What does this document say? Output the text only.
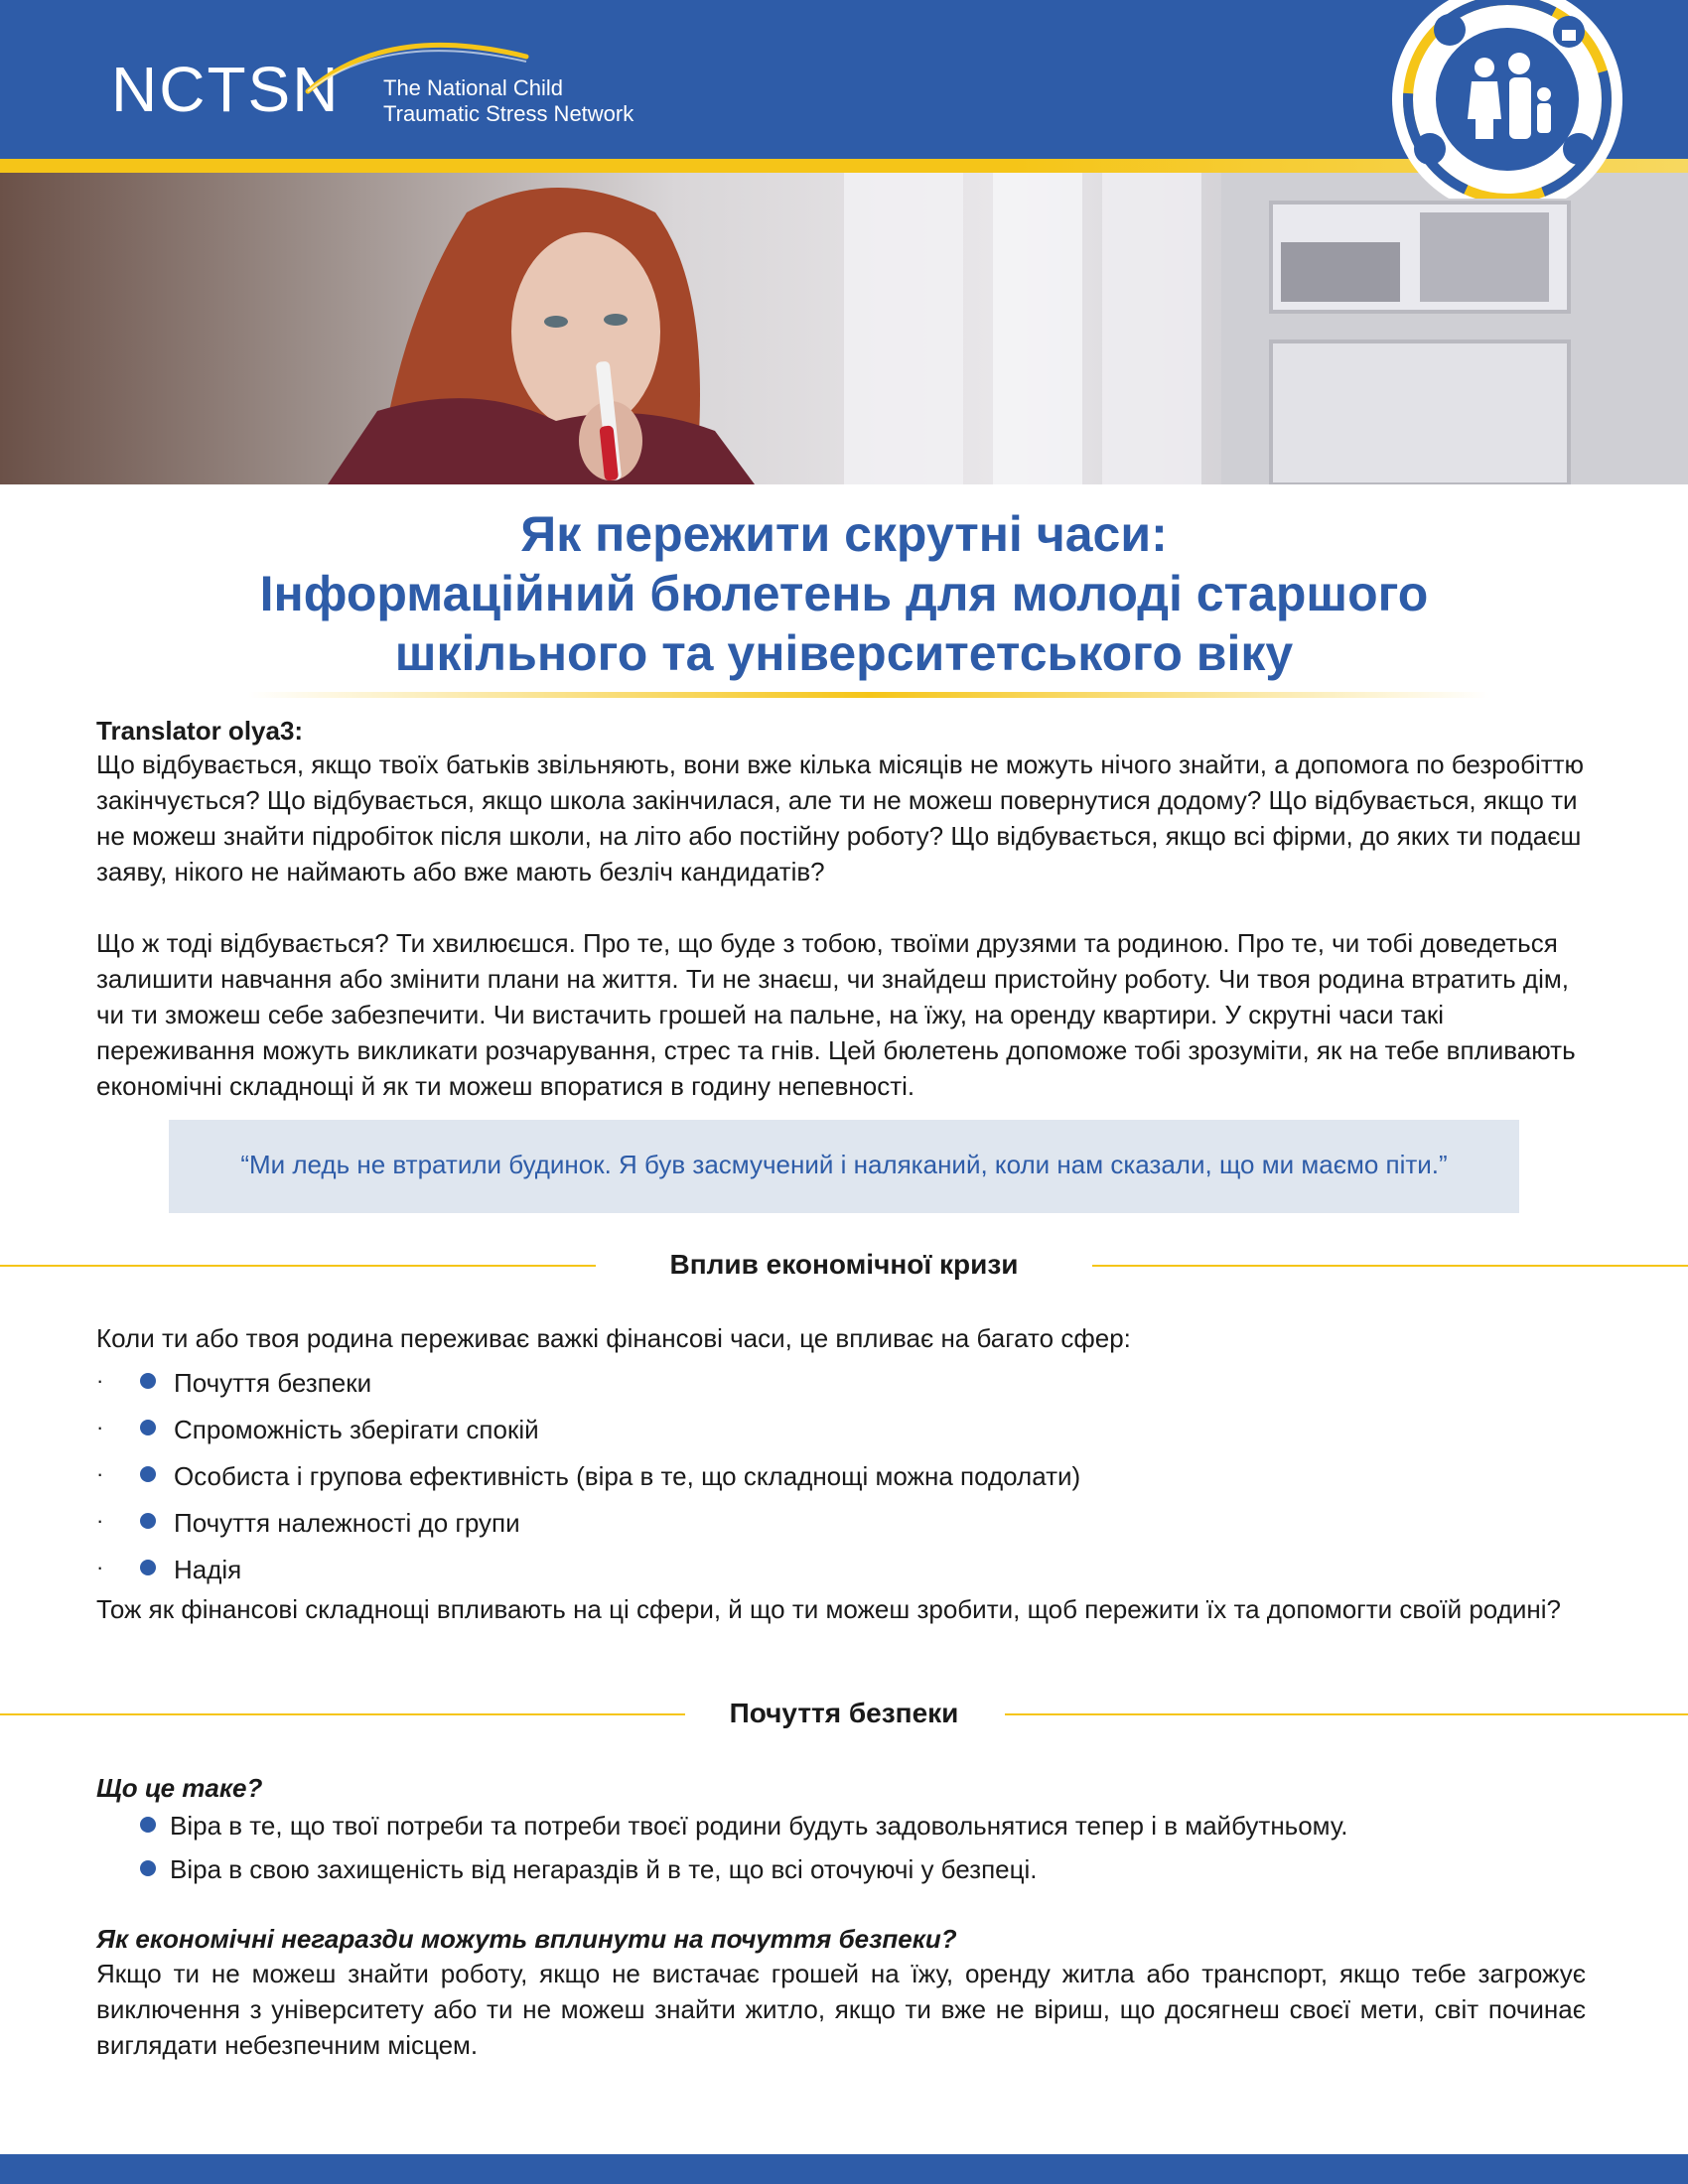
NCTSN The National Child
Traumatic Stress Network
Як пережити скрутні часи:
Інформаційний бюлетень для молоді старшого
шкільного та університетського віку
Translator olya3:

Що відбувається, якщо твоїх батьків звільняють, вони вже кілька місяців не можуть нічого знайти, а допомога по безробіттю закінчується? Що відбувається, якщо школа закінчилася, але ти не можеш повернутися додому? Що відбувається, якщо ти не можеш знайти підробіток після школи, на літо або постійну роботу? Що відбувається, якщо всі фірми, до яких ти подаєш заяву, нікого не наймають або вже мають безліч кандидатів?

Що ж тоді відбувається? Ти хвилюєшся. Про те, що буде з тобою, твоїми друзями та родиною. Про те, чи тобі доведеться залишити навчання або змінити плани на життя. Ти не знаєш, чи знайдеш пристойну роботу. Чи твоя родина втратить дім, чи ти зможеш себе забезпечити. Чи вистачить грошей на пальне, на їжу, на оренду квартири. У скрутні часи такі переживання можуть викликати розчарування, стрес та гнів. Цей бюлетень допоможе тобі зрозуміти, як на тебе впливають економічні складнощі й як ти можеш впоратися в годину непевності.

“Ми ледь не втратили будинок. Я був засмучений і наляканий, коли нам сказали, що ми маємо піти.”
Вплив економічної кризи
Коли ти або твоя родина переживає важкі фінансові часи, це впливає на багато сфер:
·	Почуття безпеки
·	Спроможність зберігати спокій
·	Особиста і групова ефективність (віра в те, що складнощі можна подолати)
·	Почуття належності до групи
·	Надія
Тож як фінансові складнощі впливають на ці сфери, й що ти можеш зробити, щоб пережити їх та допомогти своїй родині?
Почуття безпеки
Що це таке?
Віра в те, що твої потреби та потреби твоєї родини будуть задовольнятися тепер і в майбутньому.
Віра в свою захищеність від негараздів й в те, що всі оточуючі у безпеці.
Як економічні негаразди можуть вплинути на почуття безпеки?
Якщо ти не можеш знайти роботу, якщо не вистачає грошей на їжу, оренду житла або транспорт, якщо тебе загрожує виключення з університету або ти не можеш знайти житло, якщо ти вже не віриш, що досягнеш своєї мети, світ починає виглядати небезпечним місцем.
